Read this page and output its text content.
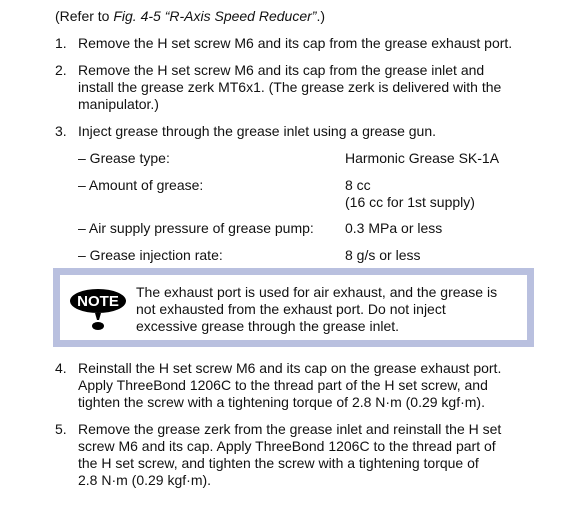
(Refer to Fig. 4-5 “R-Axis Speed Reducer”.)
1. Remove the H set screw M6 and its cap from the grease exhaust port.
2. Remove the H set screw M6 and its cap from the grease inlet and
install the grease zerk MT6x1. (The grease zerk is delivered with the
manipulator.)
3. Inject grease through the grease inlet using a grease gun.
– Grease type:	Harmonic Grease SK-1A
– Amount of grease:	8 cc
(16 cc for 1st supply)
– Air supply pressure of grease pump: 0.3 MPa or less
– Grease injection rate:	8 g/s or less
NOTE
The exhaust port is used for air exhaust, and the grease is
not exhausted from the exhaust port. Do not inject
excessive grease through the grease inlet.
4. Reinstall the H set screw M6 and its cap on the grease exhaust port.
Apply ThreeBond 1206C to the thread part of the H set screw, and
tighten the screw with a tightening torque of 2.8 N·m (0.29 kgf·m).
5. Remove the grease zerk from the grease inlet and reinstall the H set
screw M6 and its cap. Apply ThreeBond 1206C to the thread part of
the H set screw, and tighten the screw with a tightening torque of
2.8 N·m (0.29 kgf·m).
